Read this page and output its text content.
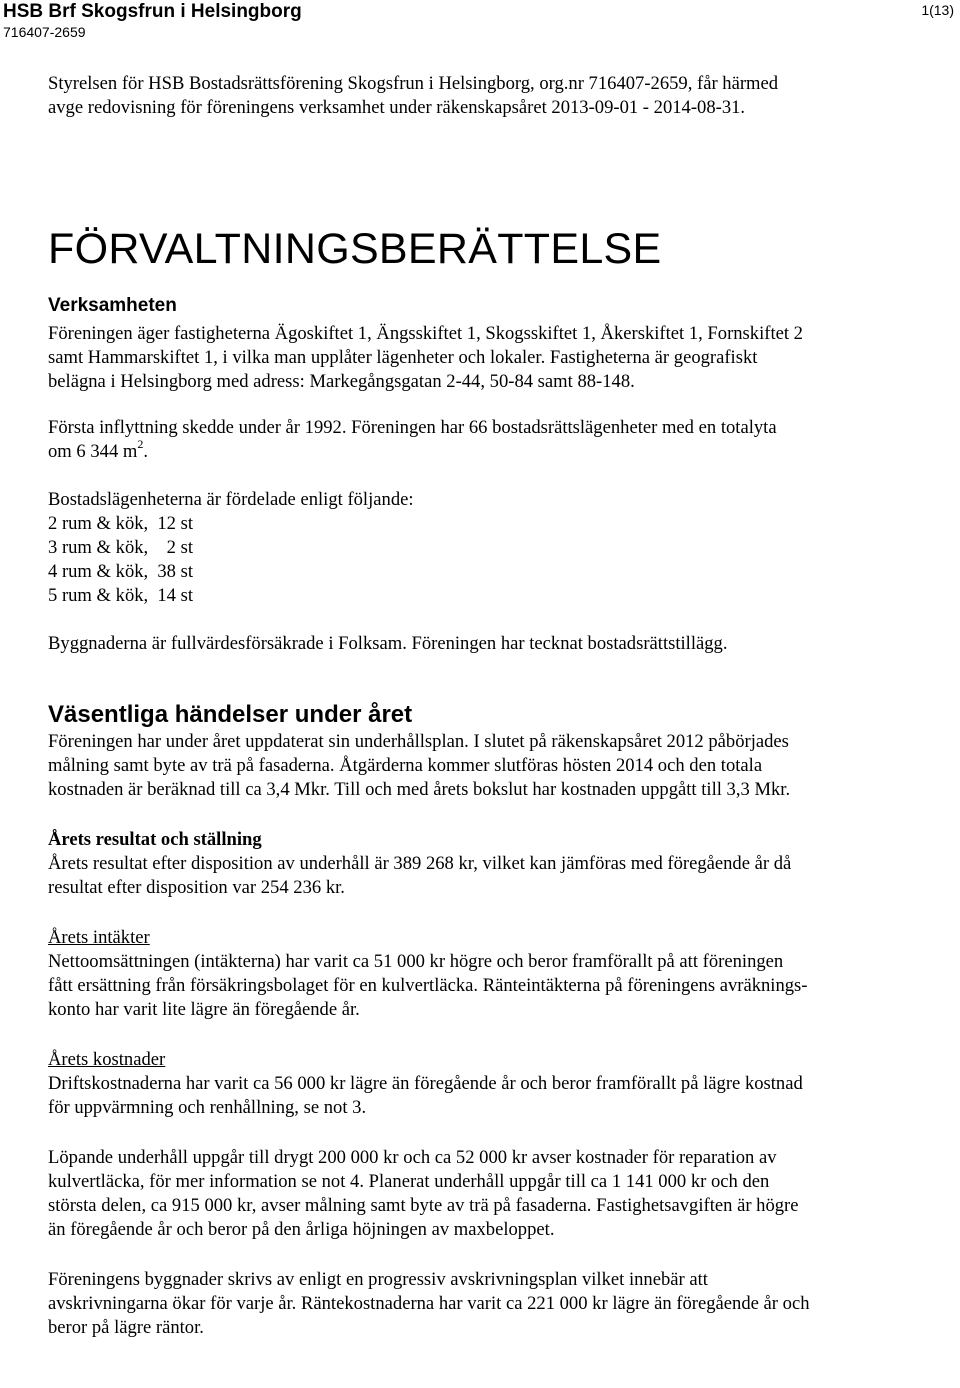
HSB Brf Skogsfrun i Helsingborg
716407-2659
1(13)

Styrelsen för HSB Bostadsrättsförening Skogsfrun i Helsingborg, org.nr 716407-2659, får härmed

avge redovisning för föreningens verksamhet under räkenskapsåret 2013-09-01 - 2014-08-31.

FÖRVALTNINGSBERÄTTELSE
Verksamheten

Föreningen äger fastigheterna Ägoskiftet 1, Ängsskiftet 1, Skogsskiftet 1, Åkerskiftet 1, Fornskiftet 2

samt Hammarskiftet 1, i vilka man upplåter lägenheter och lokaler. Fastigheterna är geografiskt

belägna i Helsingborg med adress: Markegångsgatan 2-44, 50-84 samt 88-148.

Första inflyttning skedde under år 1992. Föreningen har 66 bostadsrättslägenheter med en totalyta

om 6 344 $m^2$.

Bostadslägenheterna är fördelade enligt följande:

2 rum & kök, 12 st

3 rum & kök, 2 st

4 rum & kök, 38 st

5 rum & kök, 14 st

Byggnaderna är fullvärdesförsäkrade i Folksam. Föreningen har tecknat bostadsrättstillägg.

Väsentliga händelser under året

Föreningen har under året uppdaterat sin underhållsplan. I slutet på räkenskapsåret 2012 påbörjades

målning samt byte av trä på fasaderna. Åtgärderna kommer slutföras hösten 2014 och den totala

kostnaden är beräknad till ca 3,4 Mkr. Till och med årets bokslut har kostnaden uppgått till 3,3 Mkr.

Årets resultat och ställning

Årets resultat efter disposition av underhåll är 389 268 kr, vilket kan jämföras med föregående år då

resultat efter disposition var 254 236 kr.

Årets intäkter

Nettoomsättningen (intäkterna) har varit ca 51 000 kr högre och beror framförallt på att föreningen

fått ersättning från försäkringsbolaget för en kulvertläcka. Ränteintäkterna på föreningens avräknings-

konto har varit lite lägre än föregående år.

Årets kostnader

Driftskostnaderna har varit ca 56 000 kr lägre än föregående år och beror framförallt på lägre kostnad

för uppvärmning och renhållning, se not 3.

Löpande underhåll uppgår till drygt 200 000 kr och ca 52 000 kr avser kostnader för reparation av

kulvertläcka, för mer information se not 4. Planerat underhåll uppgår till ca 1 141 000 kr och den

största delen, ca 915 000 kr, avser målning samt byte av trä på fasaderna. Fastighetsavgiften är högre

än föregående år och beror på den årliga höjningen av maxbeloppet.

Föreningens byggnader skrivs av enligt en progressiv avskrivningsplan vilket innebär att

avskrivningarna ökar för varje år. Räntekostnaderna har varit ca 221 000 kr lägre än föregående år och

beror på lägre räntor.
